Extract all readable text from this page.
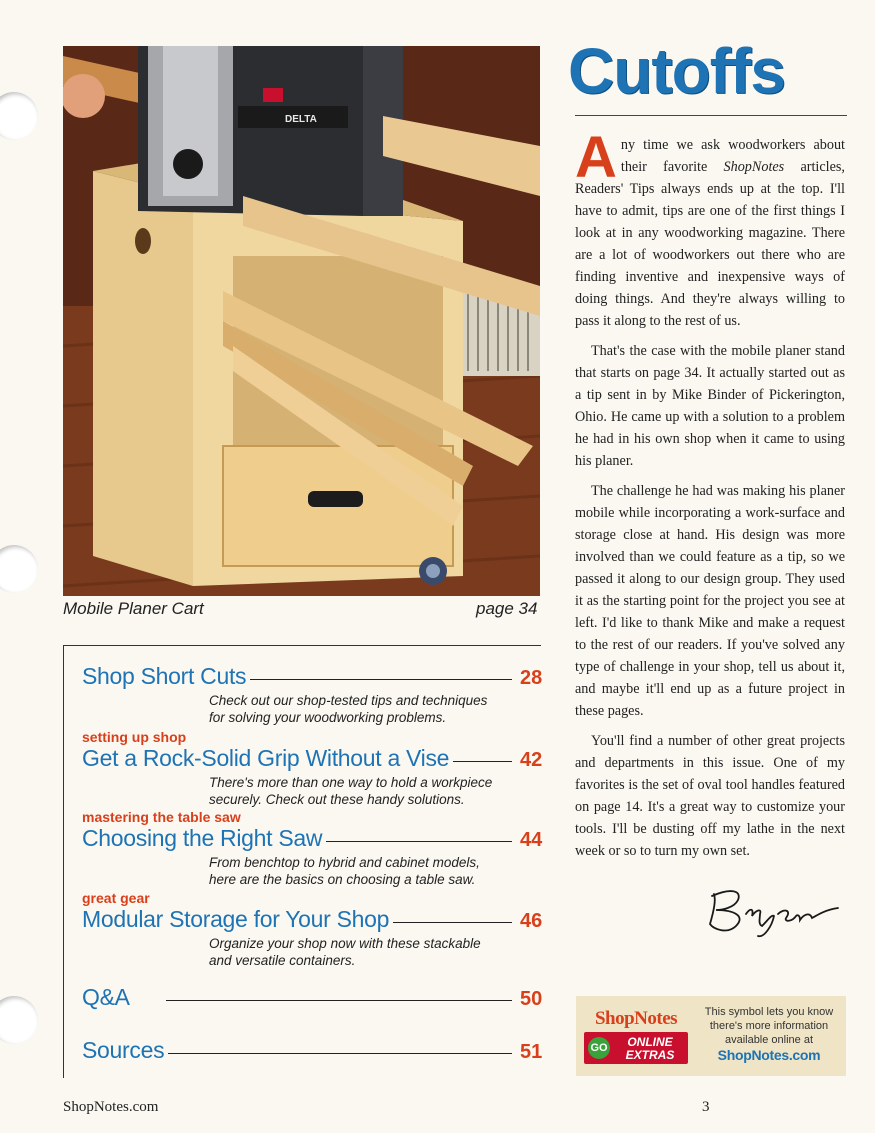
DELTA
Mobile Planer Cart	page 34
Shop Short Cuts	28
Check out our shop-tested tips and techniques
for solving your woodworking problems.
setting up shop
Get a Rock-Solid Grip Without a Vise	42
There's more than one way to hold a workpiece
securely. Check out these handy solutions.
mastering the table saw
Choosing the Right Saw	44
From benchtop to hybrid and cabinet models,
here are the basics on choosing a table saw.
great gear
Modular Storage for Your Shop	46
Organize your shop now with these stackable
and versatile containers.
Q&A	50
Sources	51
Cutoffs

Any time we ask woodworkers about their favorite ShopNotes articles, Readers' Tips always ends up at the top. I'll have to admit, tips are one of the first things I look at in any woodworking magazine. There are a lot of woodworkers out there who are finding inventive and inexpensive ways of doing things. And they're always willing to pass it along to the rest of us.

That's the case with the mobile planer stand that starts on page 34. It actually started out as a tip sent in by Mike Binder of Pickerington, Ohio. He came up with a solution to a problem he had in his own shop when it came to using his planer.

The challenge he had was making his planer mobile while incorporating a work-surface and storage close at hand. His design was more involved than we could feature as a tip, so we passed it along to our design group. They used it as the starting point for the project you see at left. I'd like to thank Mike and make a request to the rest of our readers. If you've solved any type of challenge in your shop, tell us about it, and maybe it'll end up as a future project in these pages.

You'll find a number of other great projects and departments in this issue. One of my favorites is the set of oval tool handles featured on page 14. It's a great way to customize your tools. I'll be dusting off my lathe in the next week or so to turn my own set.

ShopNotes
GO	ONLINE
EXTRAS
This symbol lets you know there's more information available online at
ShopNotes.com
ShopNotes.com	3
